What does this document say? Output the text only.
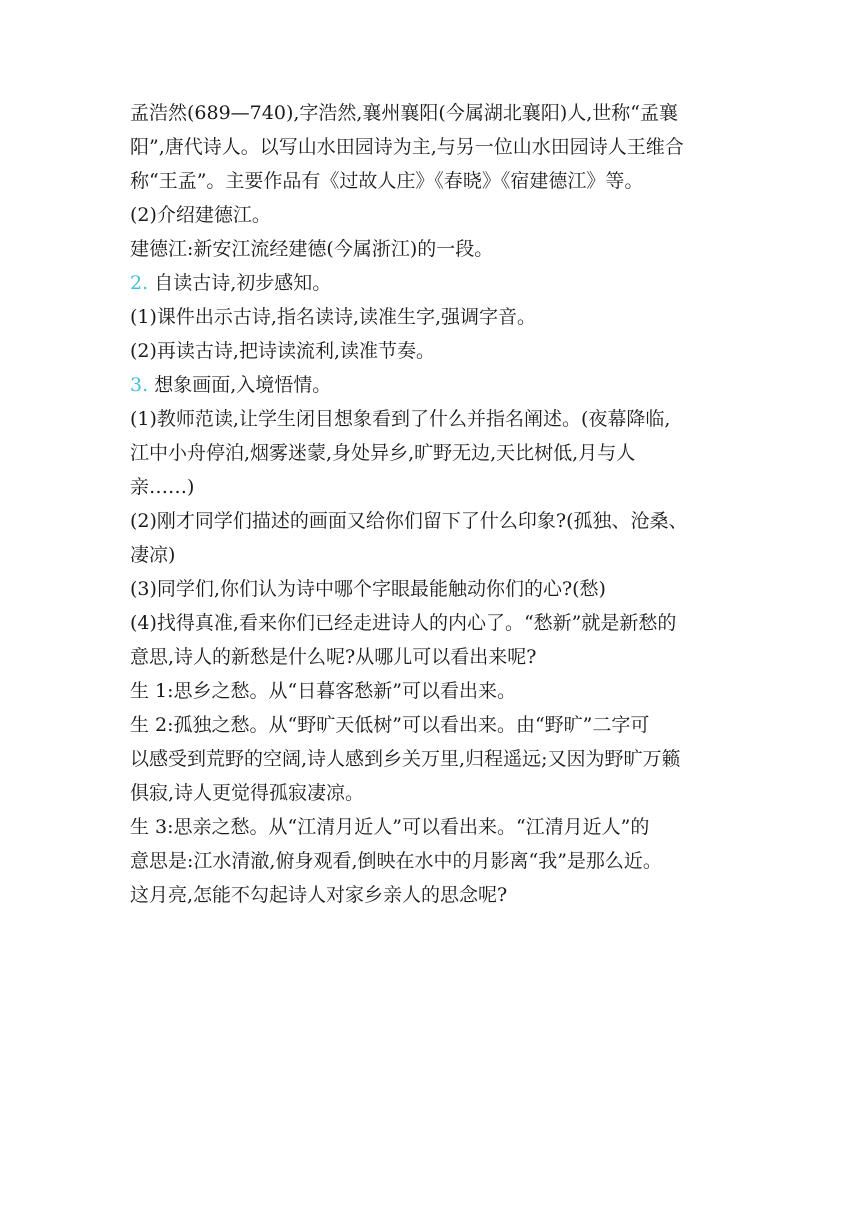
孟浩然(689—740),字浩然,襄州襄阳(今属湖北襄阳)人,世称“孟襄
阳”,唐代诗人。以写山水田园诗为主,与另一位山水田园诗人王维合
称“王孟”。主要作品有《过故人庄》《春晓》《宿建德江》等。
(2)介绍建德江。
建德江:新安江流经建德(今属浙江)的一段。
2. 自读古诗,初步感知。
(1)课件出示古诗,指名读诗,读准生字,强调字音。
(2)再读古诗,把诗读流利,读准节奏。
3. 想象画面,入境悟情。
(1)教师范读,让学生闭目想象看到了什么并指名阐述。(夜幕降临,
江中小舟停泊,烟雾迷蒙,身处异乡,旷野无边,天比树低,月与人
亲……)
(2)刚才同学们描述的画面又给你们留下了什么印象?(孤独、沧桑、
凄凉)
(3)同学们,你们认为诗中哪个字眼最能触动你们的心?(愁)
(4)找得真准,看来你们已经走进诗人的内心了。“愁新”就是新愁的
意思,诗人的新愁是什么呢?从哪儿可以看出来呢?
生 1:思乡之愁。从“日暮客愁新”可以看出来。
生 2:孤独之愁。从“野旷天低树”可以看出来。由“野旷”二字可
以感受到荒野的空阔,诗人感到乡关万里,归程遥远;又因为野旷万籁
俱寂,诗人更觉得孤寂凄凉。
生 3:思亲之愁。从“江清月近人”可以看出来。“江清月近人”的
意思是:江水清澈,俯身观看,倒映在水中的月影离“我”是那么近。
这月亮,怎能不勾起诗人对家乡亲人的思念呢?
